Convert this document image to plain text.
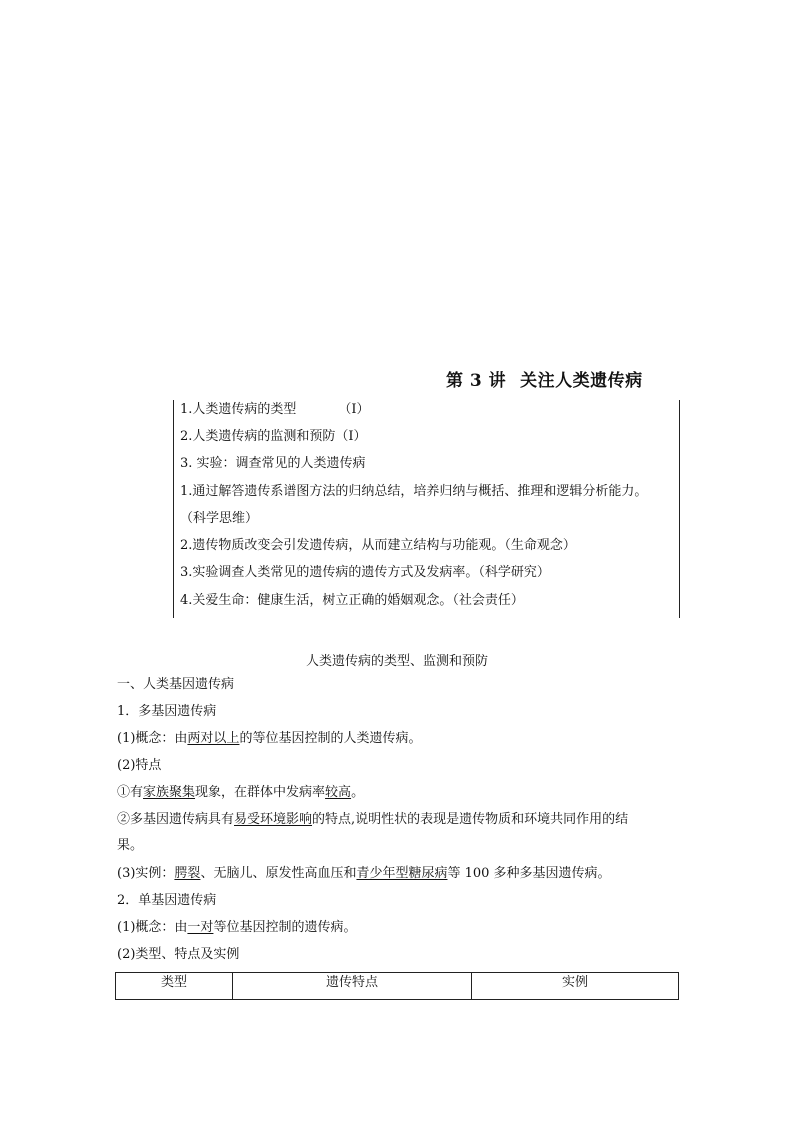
第 3 讲 关注人类遗传病
1.人类遗传病的类型	（Ⅰ）
2.人类遗传病的监测和预防（Ⅰ）
3. 实验：调查常见的人类遗传病
1.通过解答遗传系谱图方法的归纳总结，培养归纳与概括、推理和逻辑分析能力。
（科学思维）
2.遗传物质改变会引发遗传病，从而建立结构与功能观。（生命观念）
3.实验调查人类常见的遗传病的遗传方式及发病率。（科学研究）
4.关爱生命：健康生活，树立正确的婚姻观念。（社会责任）
人类遗传病的类型、监测和预防
一、人类基因遗传病
1．多基因遗传病
(1)概念：由两对以上的等位基因控制的人类遗传病。
(2)特点
①有家族聚集现象，在群体中发病率较高。
②多基因遗传病具有易受环境影响的特点,说明性状的表现是遗传物质和环境共同作用的结
果。
(3)实例：腭裂、无脑儿、原发性高血压和青少年型糖尿病等 100 多种多基因遗传病。
2．单基因遗传病
(1)概念：由一对等位基因控制的遗传病。
(2)类型、特点及实例
类型	遗传特点	实例
